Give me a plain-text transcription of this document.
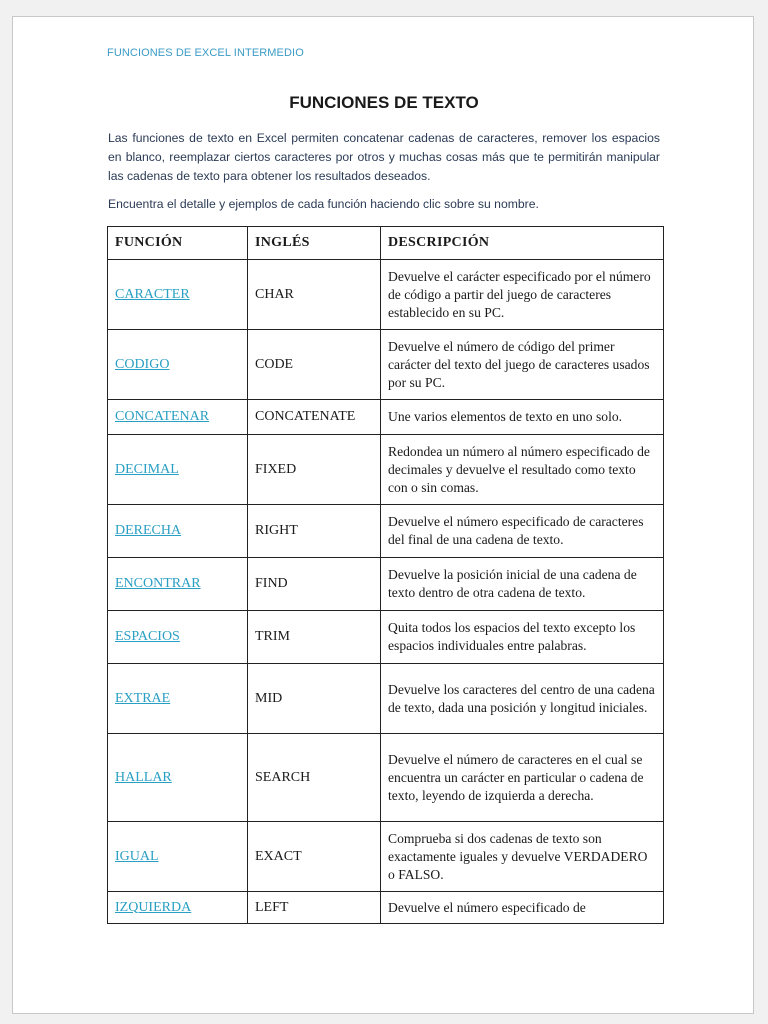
FUNCIONES DE EXCEL INTERMEDIO
FUNCIONES DE TEXTO
Las funciones de texto en Excel permiten concatenar cadenas de caracteres, remover los espacios en blanco, reemplazar ciertos caracteres por otros y muchas cosas más que te permitirán manipular las cadenas de texto para obtener los resultados deseados.
Encuentra el detalle y ejemplos de cada función haciendo clic sobre su nombre.
FUNCIÓN	INGLÉS	DESCRIPCIÓN
CARACTER	CHAR	Devuelve el carácter especificado por el número de código a partir del juego de caracteres establecido en su PC.
CODIGO	CODE	Devuelve el número de código del primer carácter del texto del juego de caracteres usados por su PC.
CONCATENAR	CONCATENATE	Une varios elementos de texto en uno solo.
DECIMAL	FIXED	Redondea un número al número especificado de decimales y devuelve el resultado como texto con o sin comas.
DERECHA	RIGHT	Devuelve el número especificado de caracteres del final de una cadena de texto.
ENCONTRAR	FIND	Devuelve la posición inicial de una cadena de texto dentro de otra cadena de texto.
ESPACIOS	TRIM	Quita todos los espacios del texto excepto los espacios individuales entre palabras.
EXTRAE	MID	Devuelve los caracteres del centro de una cadena de texto, dada una posición y longitud iniciales.
HALLAR	SEARCH	Devuelve el número de caracteres en el cual se encuentra un carácter en particular o cadena de texto, leyendo de izquierda a derecha.
IGUAL	EXACT	Comprueba si dos cadenas de texto son exactamente iguales y devuelve VERDADERO o FALSO.
IZQUIERDA	LEFT	Devuelve el número especificado de
